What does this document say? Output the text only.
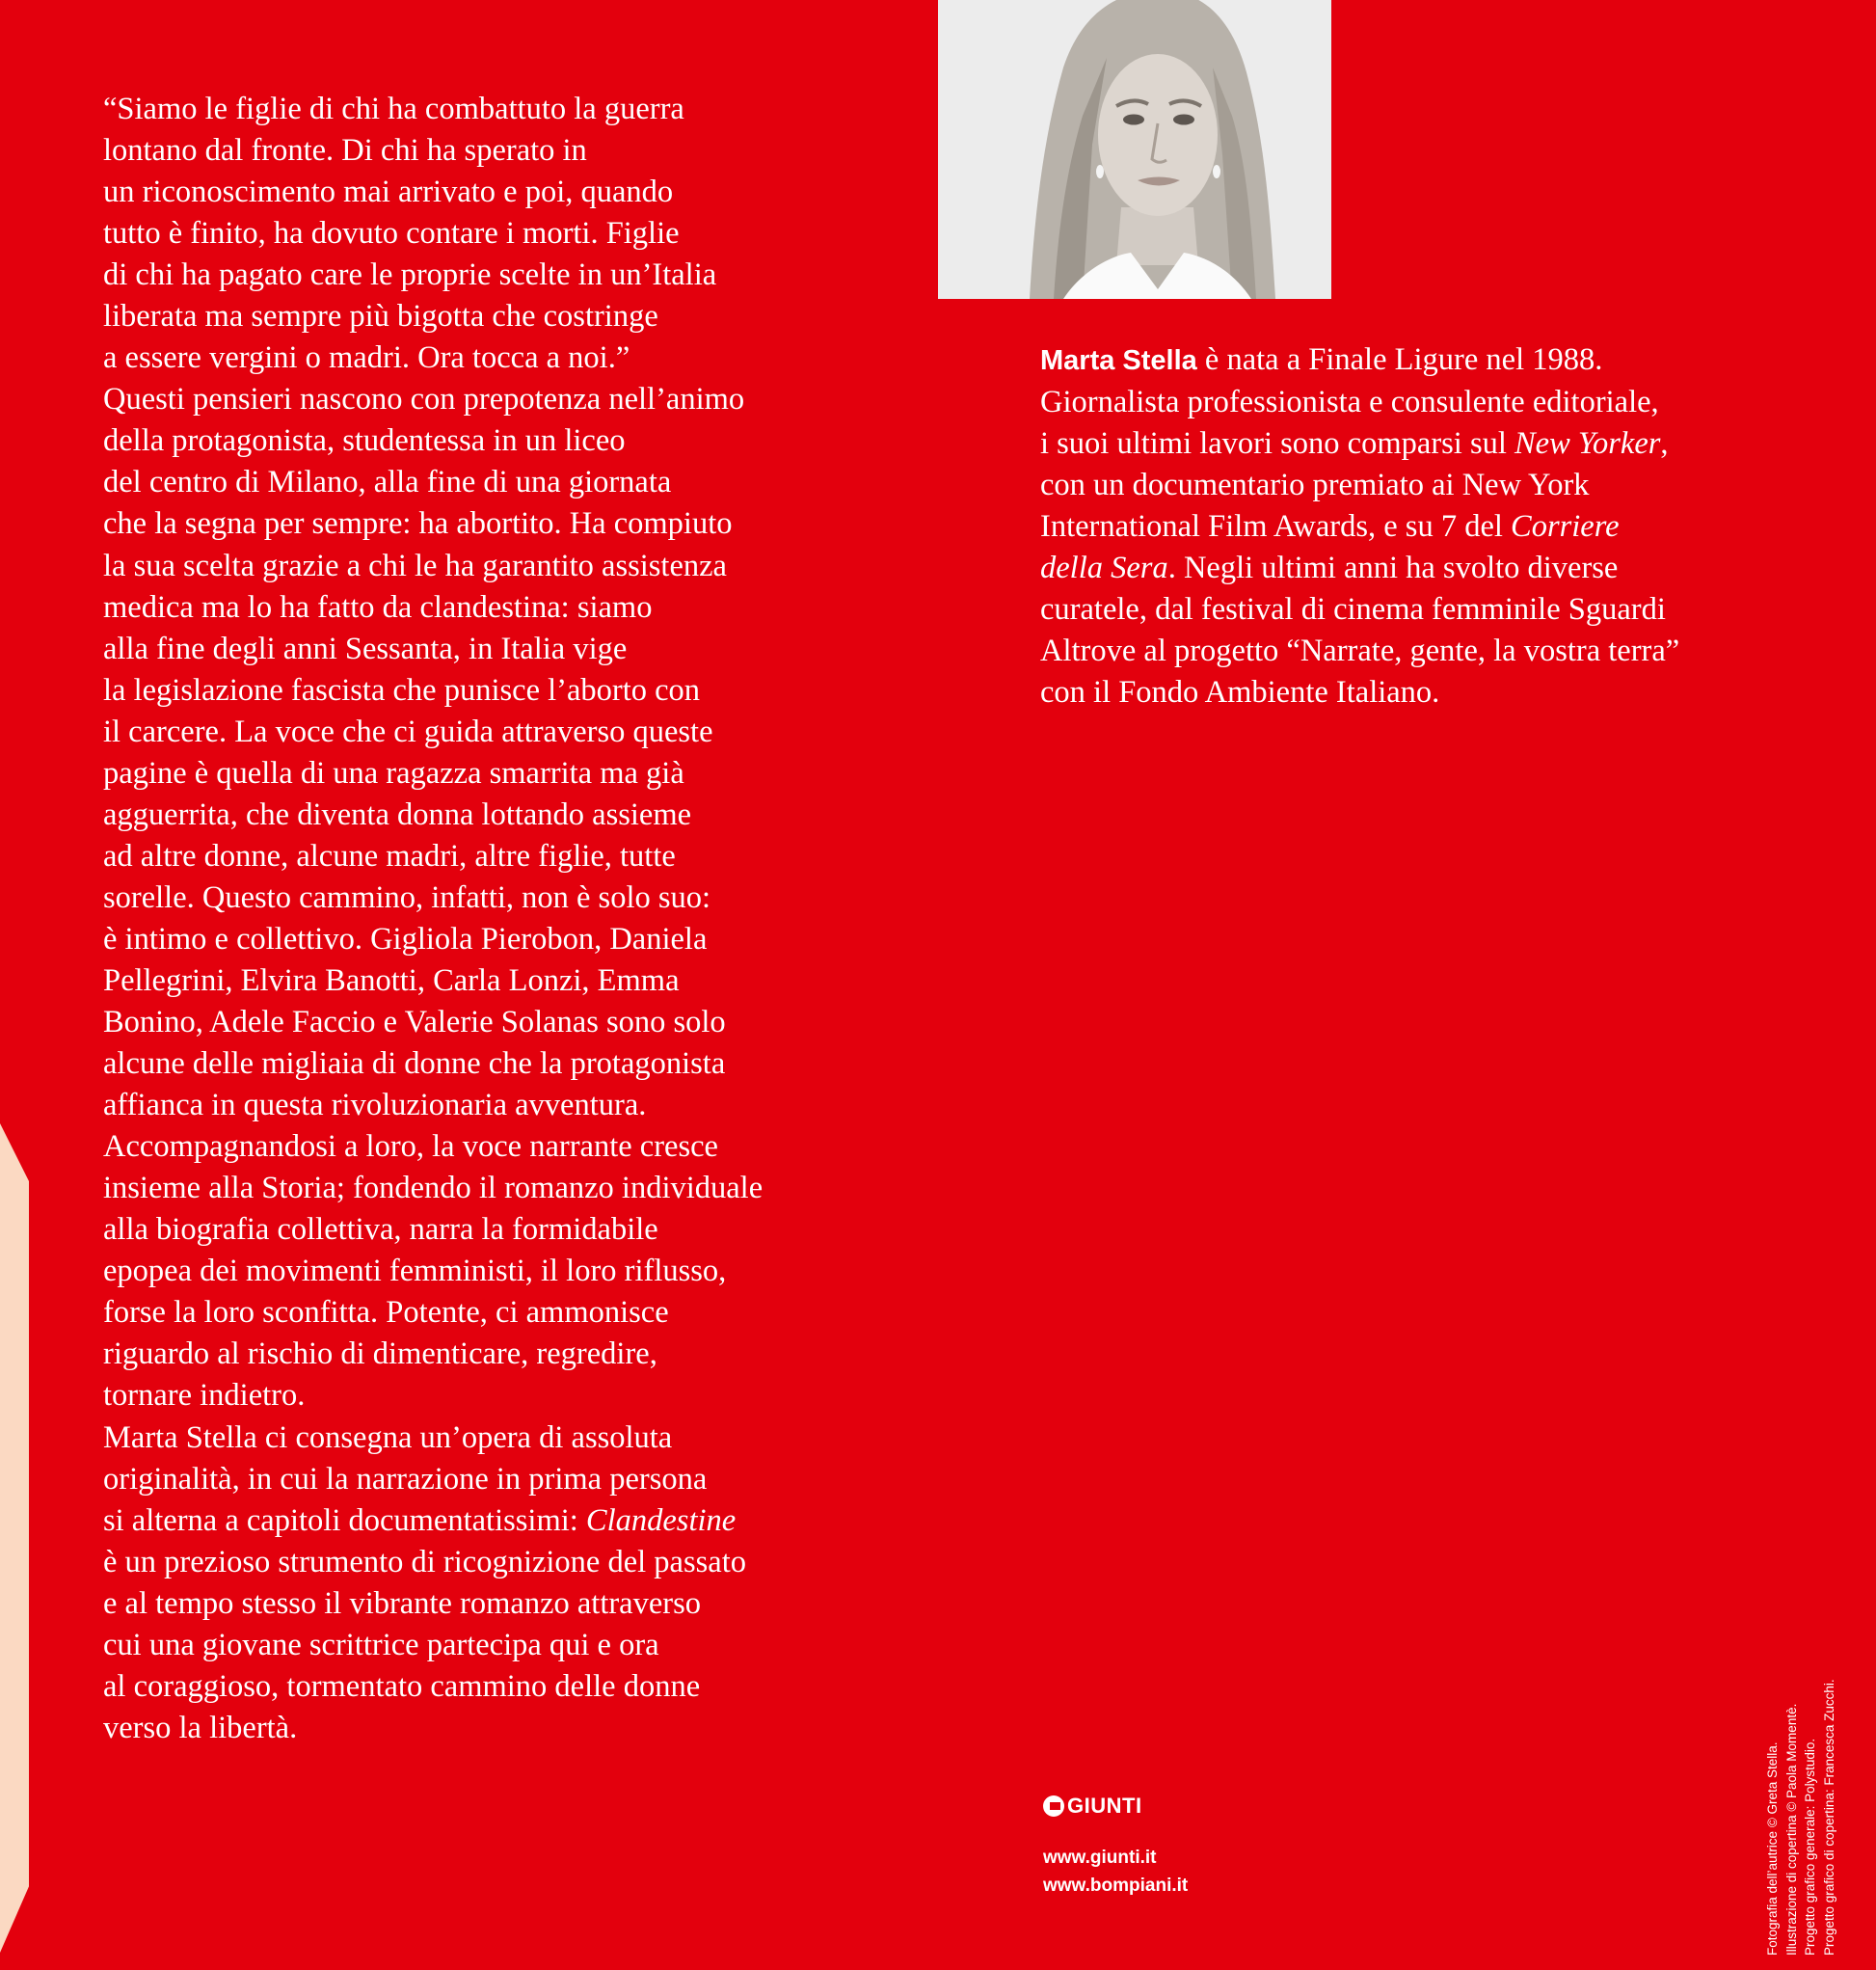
“Siamo le figlie di chi ha combattuto la guerra
lontano dal fronte. Di chi ha sperato in
un riconoscimento mai arrivato e poi, quando
tutto è finito, ha dovuto contare i morti. Figlie
di chi ha pagato care le proprie scelte in un’Italia
liberata ma sempre più bigotta che costringe
a essere vergini o madri. Ora tocca a noi.”
Questi pensieri nascono con prepotenza nell’animo
della protagonista, studentessa in un liceo
del centro di Milano, alla fine di una giornata
che la segna per sempre: ha abortito. Ha compiuto
la sua scelta grazie a chi le ha garantito assistenza
medica ma lo ha fatto da clandestina: siamo
alla fine degli anni Sessanta, in Italia vige
la legislazione fascista che punisce l’aborto con
il carcere. La voce che ci guida attraverso queste
pagine è quella di una ragazza smarrita ma già
agguerrita, che diventa donna lottando assieme
ad altre donne, alcune madri, altre figlie, tutte
sorelle. Questo cammino, infatti, non è solo suo:
è intimo e collettivo. Gigliola Pierobon, Daniela
Pellegrini, Elvira Banotti, Carla Lonzi, Emma
Bonino, Adele Faccio e Valerie Solanas sono solo
alcune delle migliaia di donne che la protagonista
affianca in questa rivoluzionaria avventura.
Accompagnandosi a loro, la voce narrante cresce
insieme alla Storia; fondendo il romanzo individuale
alla biografia collettiva, narra la formidabile
epopea dei movimenti femministi, il loro riflusso,
forse la loro sconfitta. Potente, ci ammonisce
riguardo al rischio di dimenticare, regredire,
tornare indietro.
Marta Stella ci consegna un’opera di assoluta
originalità, in cui la narrazione in prima persona
si alterna a capitoli documentatissimi: Clandestine
è un prezioso strumento di ricognizione del passato
e al tempo stesso il vibrante romanzo attraverso
cui una giovane scrittrice partecipa qui e ora
al coraggioso, tormentato cammino delle donne
verso la libertà.
Marta Stella è nata a Finale Ligure nel 1988.
Giornalista professionista e consulente editoriale,
i suoi ultimi lavori sono comparsi sul New Yorker,
con un documentario premiato ai New York
International Film Awards, e su 7 del Corriere
della Sera. Negli ultimi anni ha svolto diverse
curatele, dal festival di cinema femminile Sguardi
Altrove al progetto “Narrate, gente, la vostra terra”
con il Fondo Ambiente Italiano.
GIUNTI
www.giunti.it
www.bompiani.it	Fotografia dell’autrice © Greta Stella. Illustrazione di copertina © Paola Momentè. Progetto grafico generale: Polystudio. Progetto grafico di copertina: Francesca Zucchi.
